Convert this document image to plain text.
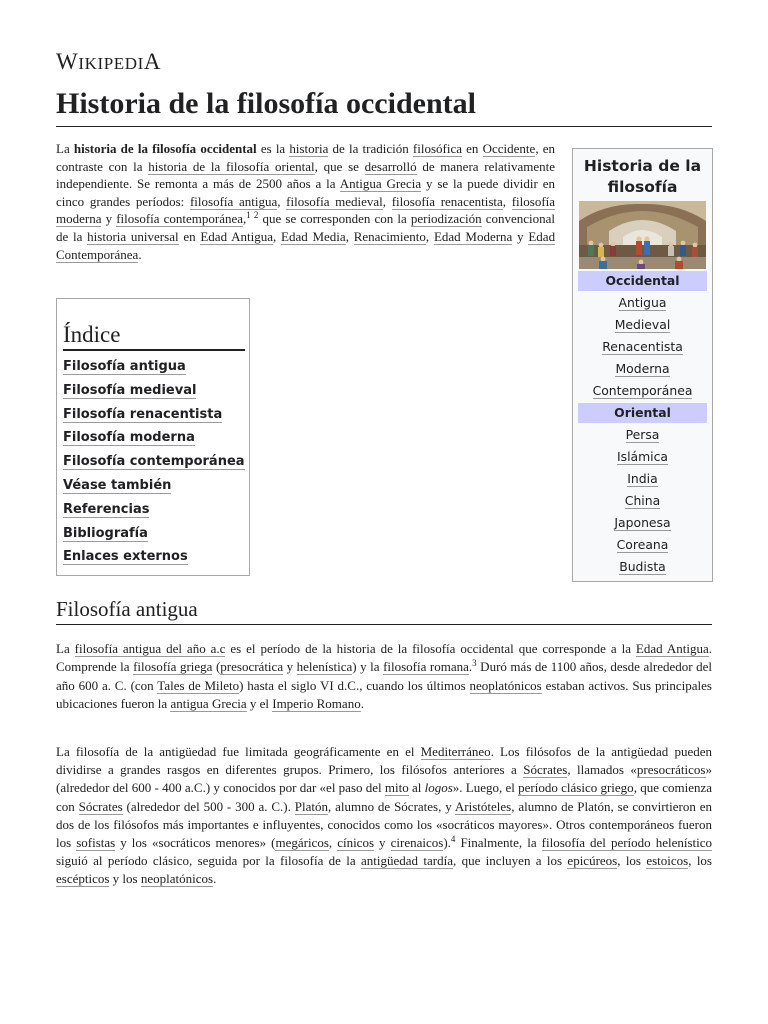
WIKIPEDIA
Historia de la filosofía occidental

La historia de la filosofía occidental es la historia de la tradición filosófica en Occidente, en contraste con la historia de la filosofía oriental, que se desarrolló de manera relativamente independiente. Se remonta a más de 2500 años a la Antigua Grecia y se la puede dividir en cinco grandes períodos: filosofía antigua, filosofía medieval, filosofía renacentista, filosofía moderna y filosofía contemporánea,$^{1 2}$ que se corresponden con la periodización convencional de la historia universal en Edad Antigua, Edad Media, Renacimiento, Edad Moderna y Edad Contemporánea.

Índice
Filosofía antigua
Filosofía medieval
Filosofía renacentista
Filosofía moderna
Filosofía contemporánea
Véase también
Referencias
Bibliografía
Enlaces externos
Historia de la filosofía
Occidental
Antigua
Medieval
Renacentista
Moderna
Contemporánea
Oriental
Persa
Islámica
India
China
Japonesa
Coreana
Budista
Filosofía antigua

La filosofía antigua del año a.c es el período de la historia de la filosofía occidental que corresponde a la Edad Antigua. Comprende la filosofía griega (presocrática y helenística) y la filosofía romana.$^3$ Duró más de 1100 años, desde alrededor del año 600 a. C. (con Tales de Mileto) hasta el siglo VI d.C., cuando los últimos neoplatónicos estaban activos. Sus principales ubicaciones fueron la antigua Grecia y el Imperio Romano.

La filosofía de la antigüedad fue limitada geográficamente en el Mediterráneo. Los filósofos de la antigüedad pueden dividirse a grandes rasgos en diferentes grupos. Primero, los filósofos anteriores a Sócrates, llamados «presocráticos» (alrededor del 600 - 400 a.C.) y conocidos por dar «el paso del mito al logos». Luego, el período clásico griego, que comienza con Sócrates (alrededor del 500 - 300 a. C.). Platón, alumno de Sócrates, y Aristóteles, alumno de Platón, se convirtieron en dos de los filósofos más importantes e influyentes, conocidos como los «socráticos mayores». Otros contemporáneos fueron los sofistas y los «socráticos menores» (megáricos, cínicos y cirenaicos).$^4$ Finalmente, la filosofía del período helenístico siguió al período clásico, seguida por la filosofía de la antigüedad tardía, que incluyen a los epicúreos, los estoicos, los escépticos y los neoplatónicos.
